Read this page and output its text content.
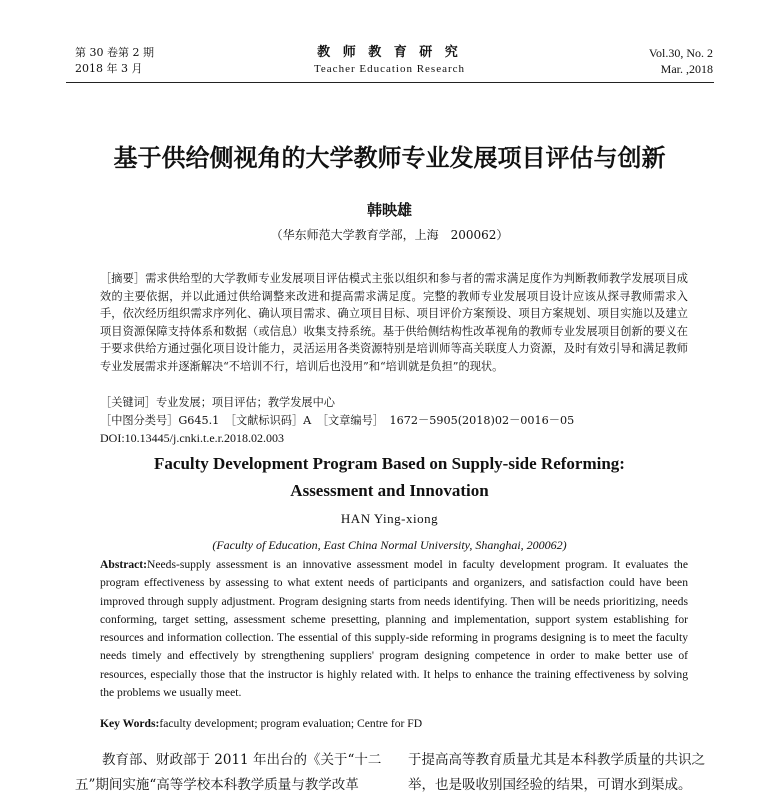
第 30 卷第 2 期
2018 年 3 月
教 师 教 育 研 究
Teacher Education Research
Vol.30, No. 2
Mar. ,2018
基于供给侧视角的大学教师专业发展项目评估与创新
韩映雄
（华东师范大学教育学部，上海　200062）
［摘要］需求供给型的大学教师专业发展项目评估模式主张以组织和参与者的需求满足度作为判断教师教学发展项目成效的主要依据，并以此通过供给调整来改进和提高需求满足度。完整的教师专业发展项目设计应该从探寻教师需求入手，依次经历组织需求序列化、确认项目需求、确立项目目标、项目评价方案预设、项目方案规划、项目实施以及建立项目资源保障支持体系和数据（或信息）收集支持系统。基于供给侧结构性改革视角的教师专业发展项目创新的要义在于要求供给方通过强化项目设计能力，灵活运用各类资源特别是培训师等高关联度人力资源，及时有效引导和满足教师专业发展需求并逐渐解决“不培训不行，培训后也没用”和“培训就是负担”的现状。
［关键词］专业发展；项目评估；教学发展中心
［中图分类号］G645.1　［文献标识码］A　［文章编号］　1672－5905(2018)02－0016－05
DOI:10.13445/j.cnki.t.e.r.2018.02.003
Faculty Development Program Based on Supply-side Reforming:
Assessment and Innovation
HAN Ying-xiong
(Faculty of Education, East China Normal University, Shanghai, 200062)
Abstract:Needs-supply assessment is an innovative assessment model in faculty development program. It evaluates the program effectiveness by assessing to what extent needs of participants and organizers, and satisfaction could have been improved through supply adjustment. Program designing starts from needs identifying. Then will be needs prioritizing, needs conforming, target setting, assessment scheme presetting, planning and implementation, support system establishing for resources and information collection. The essential of this supply-side reforming in programs designing is to meet the faculty needs timely and effectively by strengthening suppliers' program designing competence in order to make better use of resources, especially those that the instructor is highly related with. It helps to enhance the training effectiveness by solving the problems we usually meet.
Key Words:faculty development; program evaluation; Centre for FD
教育部、财政部于 2011 年出台的《关于“十二五”期间实施“高等学校本科教学质量与教学改革
于提高高等教育质量尤其是本科教学质量的共识之举，也是吸收别国经验的结果，可谓水到渠成。
